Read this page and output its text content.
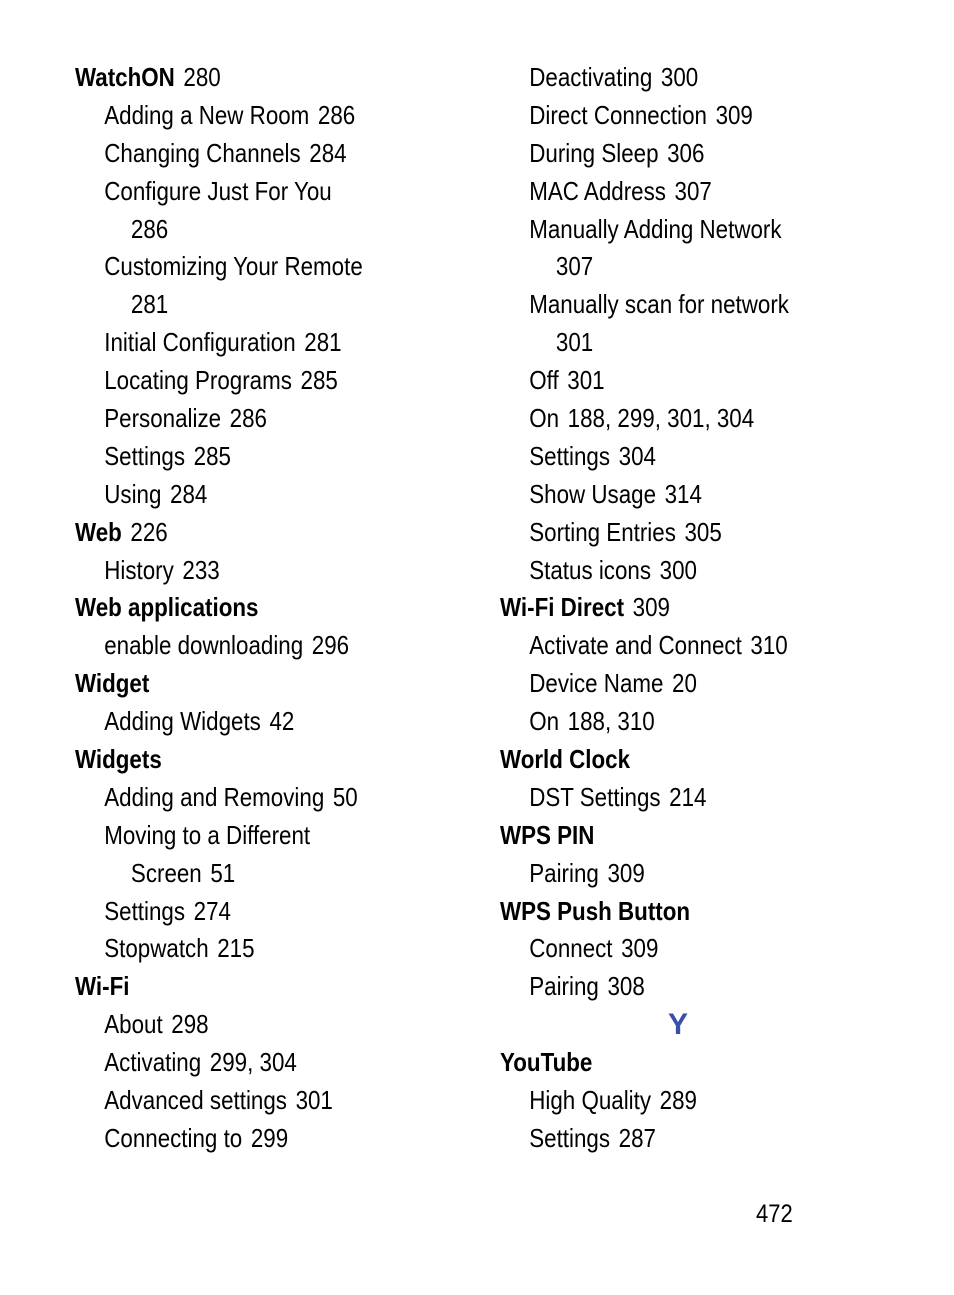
WatchON 280
Adding a New Room 286
Changing Channels 284
Configure Just For You
286
Customizing Your Remote
281
Initial Configuration 281
Locating Programs 285
Personalize 286
Settings 285
Using 284
Web 226
History 233
Web applications
enable downloading 296
Widget
Adding Widgets 42
Widgets
Adding and Removing 50
Moving to a Different
Screen 51
Settings 274
Stopwatch 215
Wi-Fi
About 298
Activating 299, 304
Advanced settings 301
Connecting to 299
Deactivating 300
Direct Connection 309
During Sleep 306
MAC Address 307
Manually Adding Network
307
Manually scan for network
301
Off 301
On 188, 299, 301, 304
Settings 304
Show Usage 314
Sorting Entries 305
Status icons 300
Wi-Fi Direct 309
Activate and Connect 310
Device Name 20
On 188, 310
World Clock
DST Settings 214
WPS PIN
Pairing 309
WPS Push Button
Connect 309
Pairing 308
Y
YouTube
High Quality 289
Settings 287
472
